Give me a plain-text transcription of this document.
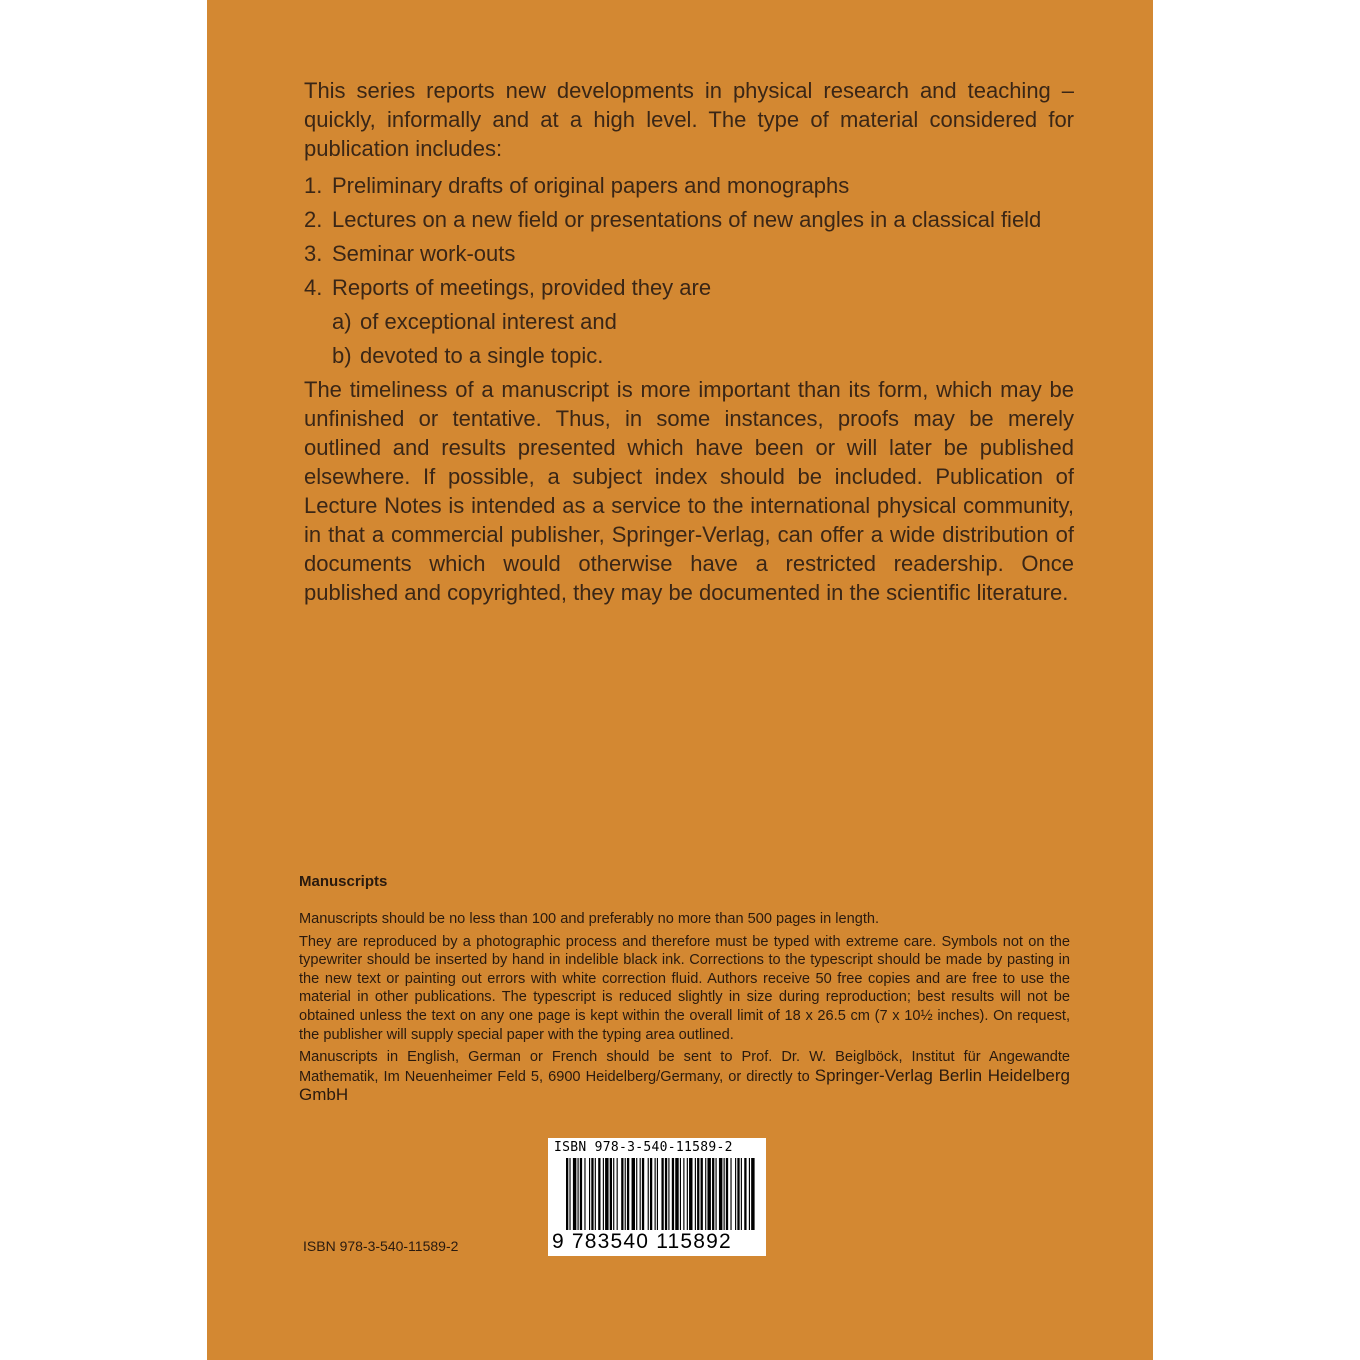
This series reports new developments in physical research and teaching – quickly, informally and at a high level. The type of material considered for publication includes:

1. Preliminary drafts of original papers and monographs
2. Lectures on a new field or presentations of new angles in a classical field
3. Seminar work-outs
4. Reports of meetings, provided they are
a) of exceptional interest and
b) devoted to a single topic.

The timeliness of a manuscript is more important than its form, which may be unfinished or tentative. Thus, in some instances, proofs may be merely outlined and results presented which have been or will later be published elsewhere. If possible, a subject index should be included. Publication of Lecture Notes is intended as a service to the international physical community, in that a commercial publisher, Springer-Verlag, can offer a wide distribution of documents which would otherwise have a restricted readership. Once published and copyrighted, they may be documented in the scientific literature.

Manuscripts

Manuscripts should be no less than 100 and preferably no more than 500 pages in length.

They are reproduced by a photographic process and therefore must be typed with extreme care. Symbols not on the typewriter should be inserted by hand in indelible black ink. Corrections to the typescript should be made by pasting in the new text or painting out errors with white correction fluid. Authors receive 50 free copies and are free to use the material in other publications. The typescript is reduced slightly in size during reproduction; best results will not be obtained unless the text on any one page is kept within the overall limit of 18 x 26.5 cm (7 x 10½ inches). On request, the publisher will supply special paper with the typing area outlined.

Manuscripts in English, German or French should be sent to Prof. Dr. W. Beiglböck, Institut für Angewandte Mathematik, Im Neuenheimer Feld 5, 6900 Heidelberg/Germany, or directly to Springer-Verlag Berlin Heidelberg GmbH

ISBN 978-3-540-11589-2
ISBN 978-3-540-11589-2
9 783540 115892
